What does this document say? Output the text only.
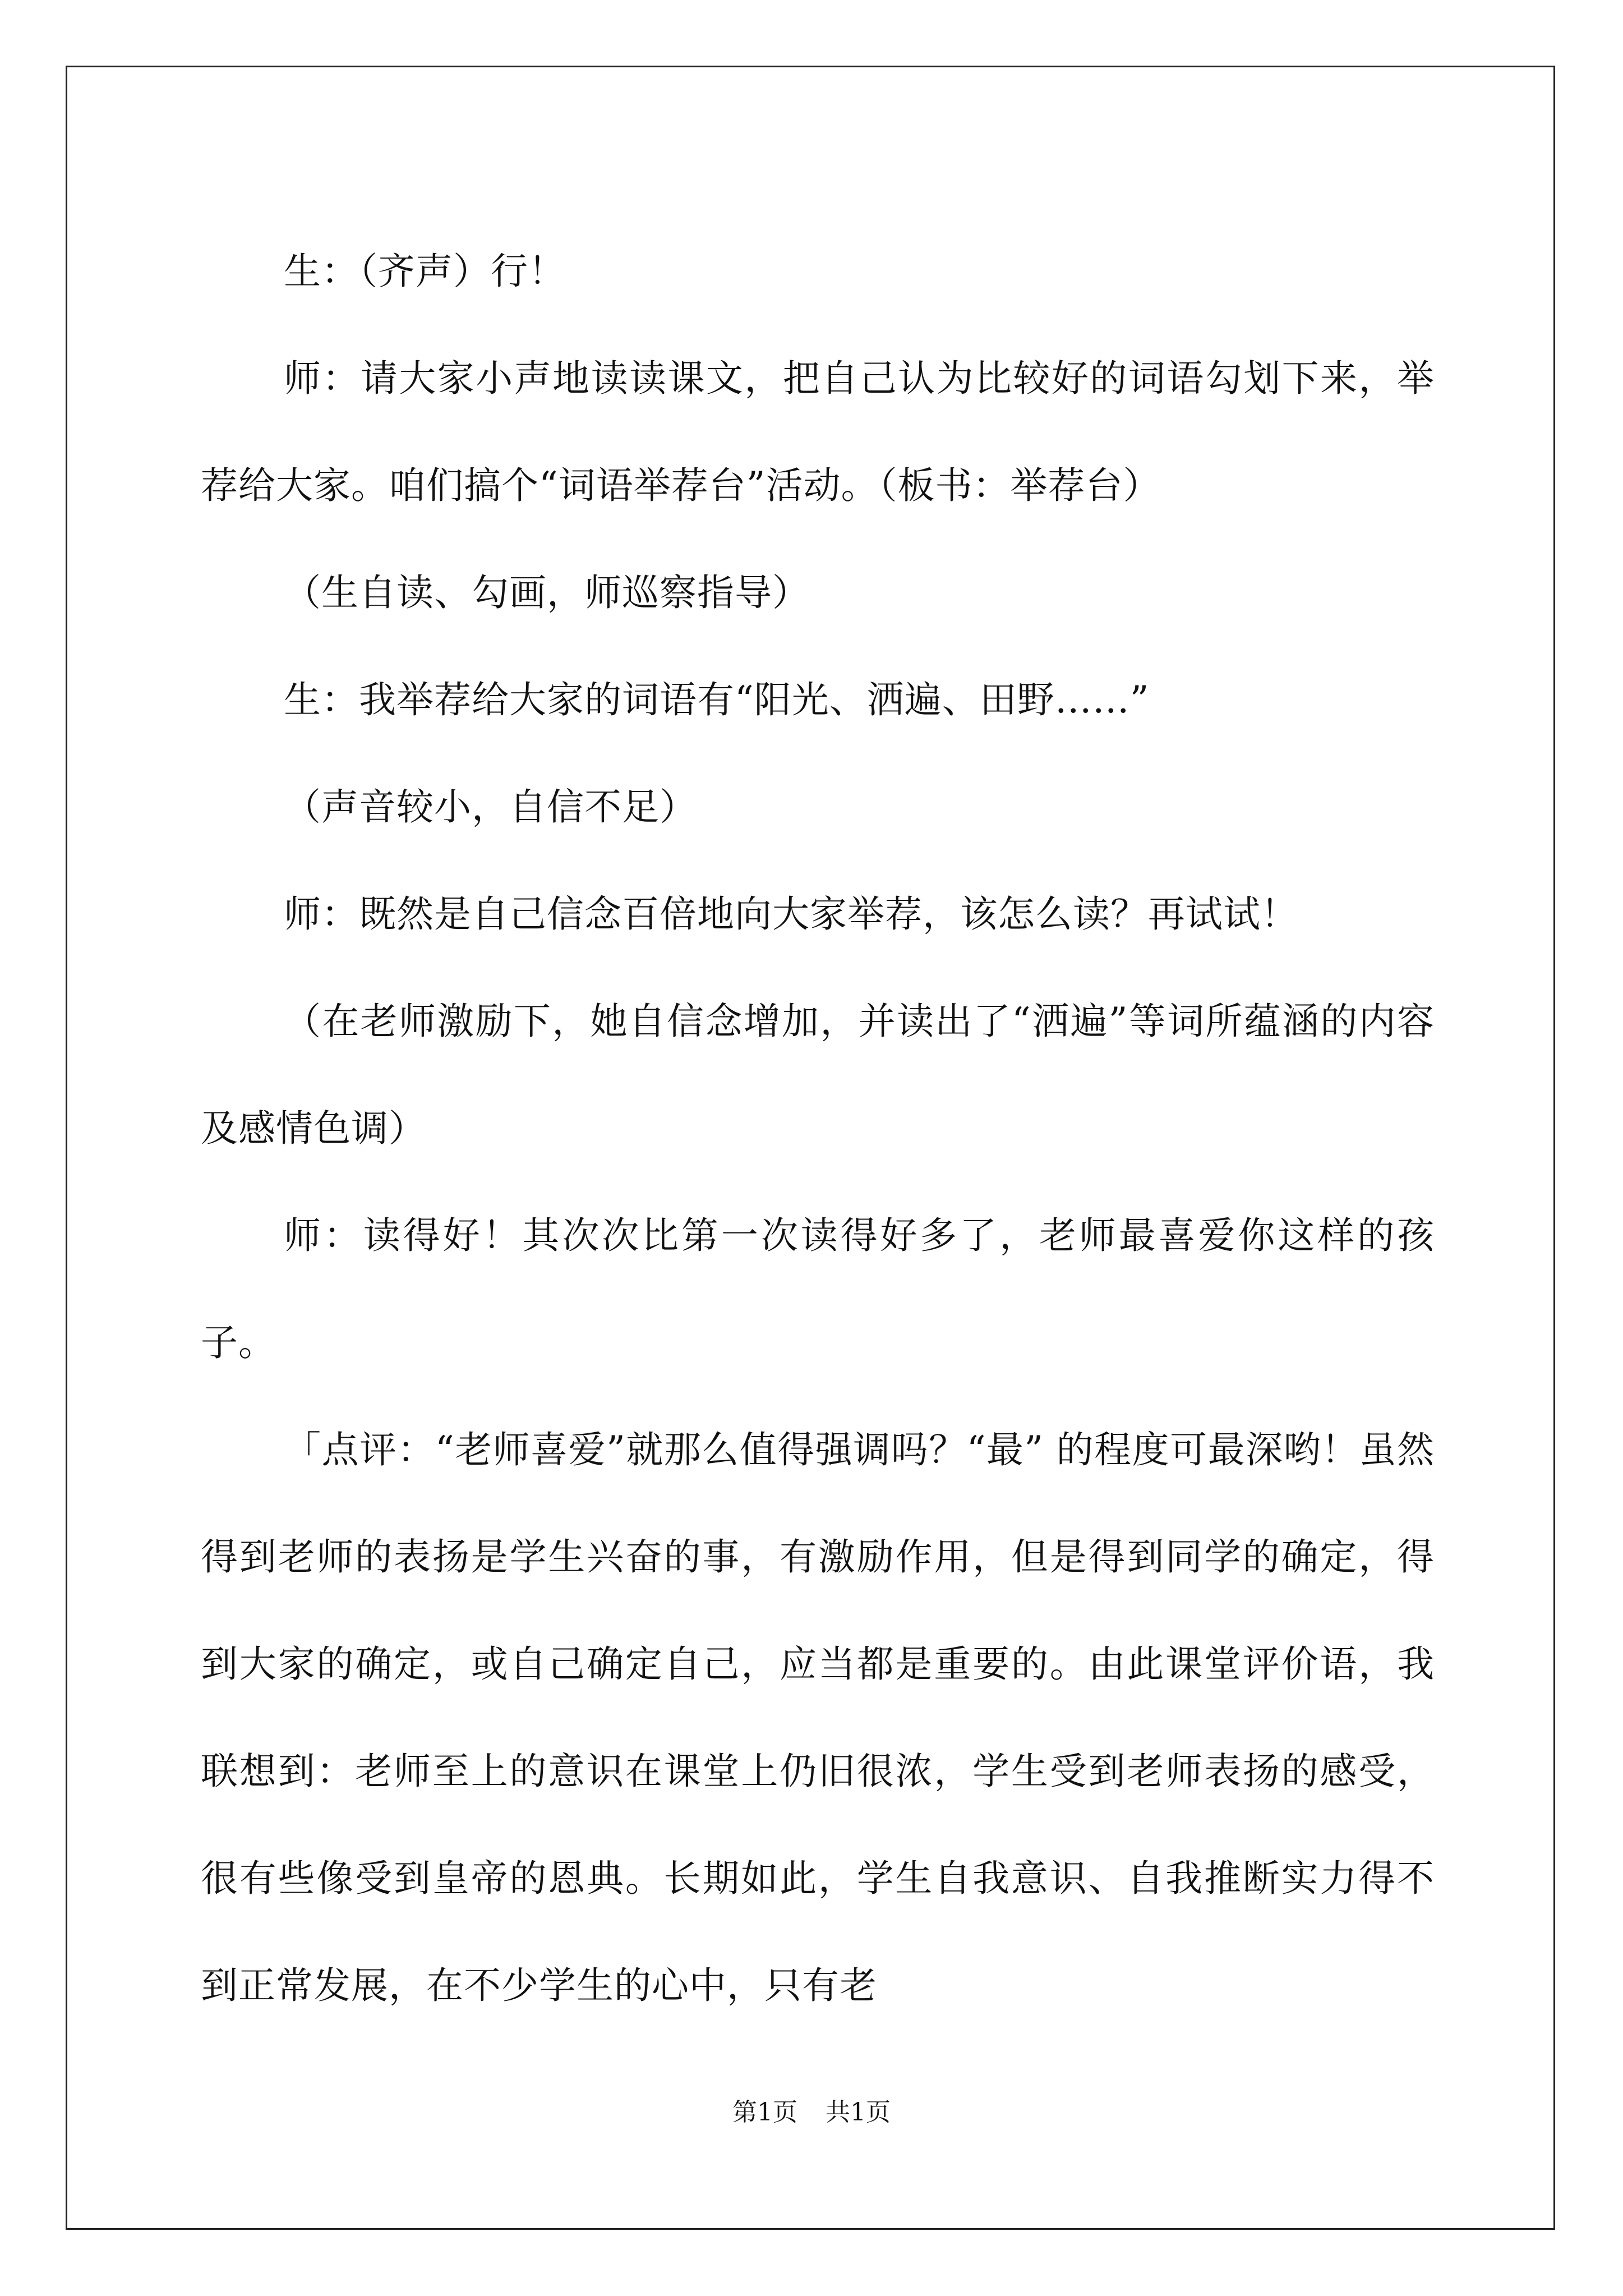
生：（齐声）行！

师：请大家小声地读读课文，把自己认为比较好的词语勾划下来，举荐给大家。咱们搞个“词语举荐台”活动。（板书：举荐台）

（生自读、勾画，师巡察指导）

生：我举荐给大家的词语有“阳光、洒遍、田野……”

（声音较小，自信不足）

师：既然是自己信念百倍地向大家举荐，该怎么读？再试试！

（在老师激励下，她自信念增加，并读出了“洒遍”等词所蕴涵的内容及感情色调）

师：读得好！其次次比第一次读得好多了，老师最喜爱你这样的孩子。

「点评：“老师喜爱”就那么值得强调吗？“最” 的程度可最深哟！虽然得到老师的表扬是学生兴奋的事，有激励作用，但是得到同学的确定，得到大家的确定，或自己确定自己，应当都是重要的。由此课堂评价语，我联想到：老师至上的意识在课堂上仍旧很浓，学生受到老师表扬的感受，很有些像受到皇帝的恩典。长期如此，学生自我意识、自我推断实力得不到正常发展，在不少学生的心中，只有老

第1页 共1页
